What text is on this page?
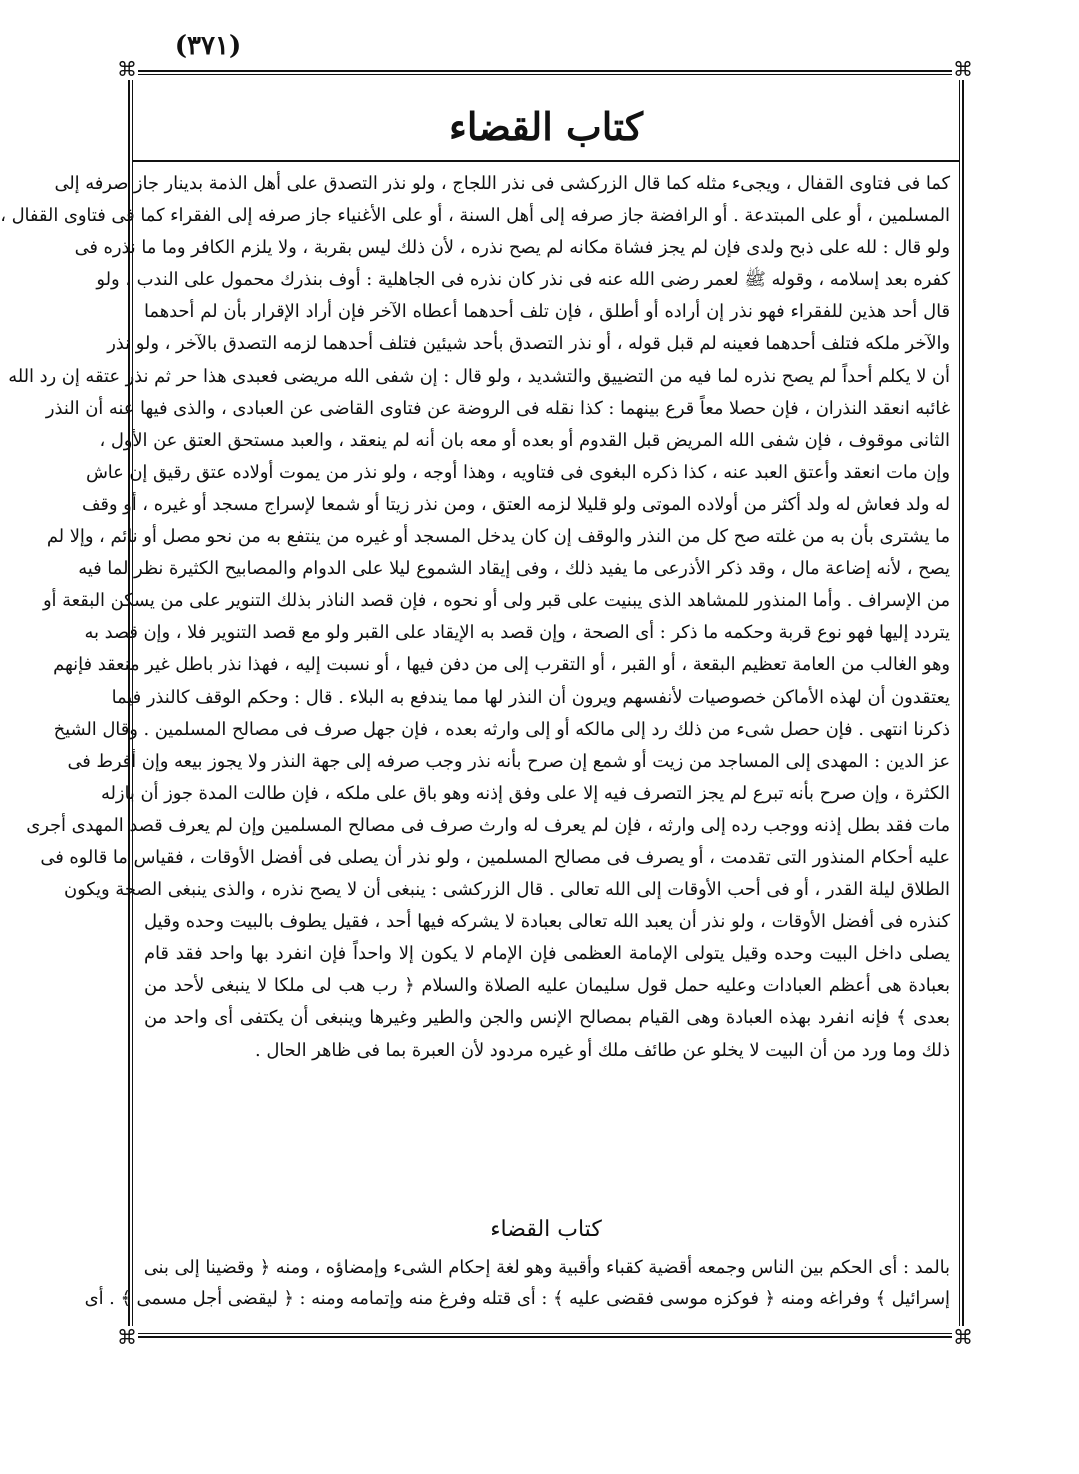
(٣٧١)
⌘	⌘
⌘	⌘
كتاب القضاء
كما فى فتاوى القفال ، ويجىء مثله كما قال الزركشى فى نذر اللجاج ، ولو نذر التصدق على أهل الذمة بدينار جاز صرفه إلى
المسلمين ، أو على المبتدعة . أو الرافضة جاز صرفه إلى أهل السنة ، أو على الأغنياء جاز صرفه إلى الفقراء كما فى فتاوى القفال ،
ولو قال : لله على ذبح ولدى فإن لم يجز فشاة مكانه لم يصح نذره ، لأن ذلك ليس بقربة ، ولا يلزم الكافر وما ما نذره فى
كفره بعد إسلامه ، وقوله ﷺ لعمر رضى الله عنه فى نذر كان نذره فى الجاهلية : أوف بنذرك محمول على الندب ، ولو
قال أحد هذين للفقراء فهو نذر إن أراده أو أطلق ، فإن تلف أحدهما أعطاه الآخر فإن أراد الإقرار بأن لم أحدهما
والآخر ملكه فتلف أحدهما فعينه لم قبل قوله ، أو نذر التصدق بأحد شيئين فتلف أحدهما لزمه التصدق بالآخر ، ولو نذر
أن لا يكلم أحداً لم يصح نذره لما فيه من التضييق والتشديد ، ولو قال : إن شفى الله مريضى فعبدى هذا حر ثم نذر عتقه إن رد الله
غائبه انعقد النذران ، فإن حصلا معاً قرع بينهما : كذا نقله فى الروضة عن فتاوى القاضى عن العبادى ، والذى فيها عنه أن النذر
الثانى موقوف ، فإن شفى الله المريض قبل القدوم أو بعده أو معه بان أنه لم ينعقد ، والعبد مستحق العتق عن الأول ،
وإن مات انعقد وأعتق العبد عنه ، كذا ذكره البغوى فى فتاويه ، وهذا أوجه ، ولو نذر من يموت أولاده عتق رقيق إن عاش
له ولد فعاش له ولد أكثر من أولاده الموتى ولو قليلا لزمه العتق ، ومن نذر زيتا أو شمعا لإسراج مسجد أو غيره ، أو وقف
ما يشترى بأن به من غلته صح كل من النذر والوقف إن كان يدخل المسجد أو غيره من ينتفع به من نحو مصل أو نائم ، وإلا لم
يصح ، لأنه إضاعة مال ، وقد ذكر الأذرعى ما يفيد ذلك ، وفى إيقاد الشموع ليلا على الدوام والمصابيح الكثيرة نظر لما فيه
من الإسراف . وأما المنذور للمشاهد الذى يبنيت على قبر ولى أو نحوه ، فإن قصد الناذر بذلك التنوير على من يسكن البقعة أو
يتردد إليها فهو نوع قربة وحكمه ما ذكر : أى الصحة ، وإن قصد به الإيقاد على القبر ولو مع قصد التنوير فلا ، وإن قصد به
وهو الغالب من العامة تعظيم البقعة ، أو القبر ، أو التقرب إلى من دفن فيها ، أو نسبت إليه ، فهذا نذر باطل غير منعقد فإنهم
يعتقدون أن لهذه الأماكن خصوصيات لأنفسهم ويرون أن النذر لها مما يندفع به البلاء . قال : وحكم الوقف كالنذر فيما
ذكرنا انتهى . فإن حصل شىء من ذلك رد إلى مالكه أو إلى وارثه بعده ، فإن جهل صرف فى مصالح المسلمين . وقال الشيخ
عز الدين : المهدى إلى المساجد من زيت أو شمع إن صرح بأنه نذر وجب صرفه إلى جهة النذر ولا يجوز بيعه وإن أفرط فى
الكثرة ، وإن صرح بأنه تبرع لم يجز التصرف فيه إلا على وفق إذنه وهو باق على ملكه ، فإن طالت المدة جوز أن بازله
مات فقد بطل إذنه ووجب رده إلى وارثه ، فإن لم يعرف له وارث صرف فى مصالح المسلمين وإن لم يعرف قصد المهدى أجرى
عليه أحكام المنذور التى تقدمت ، أو يصرف فى مصالح المسلمين ، ولو نذر أن يصلى فى أفضل الأوقات ، فقياس ما قالوه فى
الطلاق ليلة القدر ، أو فى أحب الأوقات إلى الله تعالى . قال الزركشى : ينبغى أن لا يصح نذره ، والذى ينبغى الصحة ويكون
كنذره فى أفضل الأوقات ، ولو نذر أن يعبد الله تعالى بعبادة لا يشركه فيها أحد ، فقيل يطوف بالبيت وحده وقيل
يصلى داخل البيت وحده وقيل يتولى الإمامة العظمى فإن الإمام لا يكون إلا واحداً فإن انفرد بها واحد فقد قام
بعبادة هى أعظم العبادات وعليه حمل قول سليمان عليه الصلاة والسلام ﴿ رب هب لى ملكا لا ينبغى لأحد من
بعدى ﴾ فإنه انفرد بهذه العبادة وهى القيام بمصالح الإنس والجن والطير وغيرها وينبغى أن يكتفى أى واحد من
ذلك وما ورد من أن البيت لا يخلو عن طائف ملك أو غيره مردود لأن العبرة بما فى ظاهر الحال .
كتاب القضاء
بالمد : أى الحكم بين الناس وجمعه أقضية كقباء وأقبية وهو لغة إحكام الشىء وإمضاؤه ، ومنه ﴿ وقضينا إلى بنى
إسرائيل ﴾ وفراغه ومنه ﴿ فوكزه موسى فقضى عليه ﴾ : أى قتله وفرغ منه وإتمامه ومنه : ﴿ ليقضى أجل مسمى ﴾ . أى
